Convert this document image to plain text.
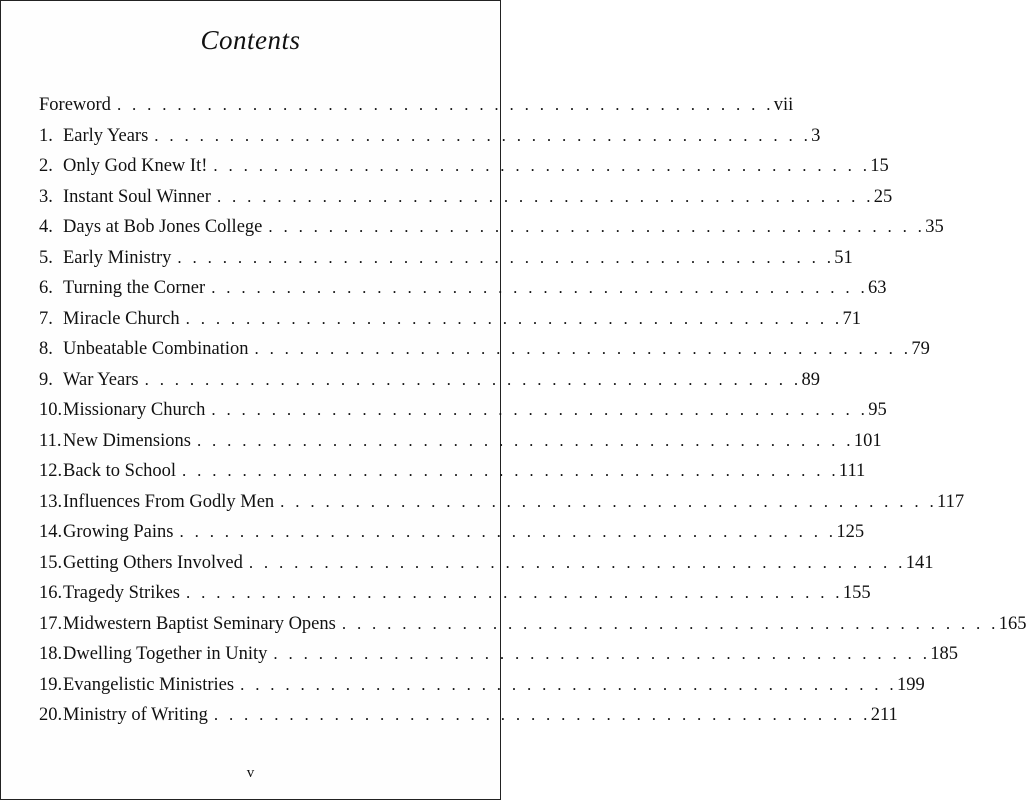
Contents
Foreword . . . . . . . . . . . . . . . . . . . . . . . . . . . . . . . . . . . . . . . . . . . . vii
1. Early Years . . . . . . . . . . . . . . . . . . . . . . . . . . . . . . . . . . . . . . . . . . . . 3
2. Only God Knew It! . . . . . . . . . . . . . . . . . . . . . . . . . . . . . . . . . . . . . . . . . . . . 15
3. Instant Soul Winner . . . . . . . . . . . . . . . . . . . . . . . . . . . . . . . . . . . . . . . . . . . . 25
4. Days at Bob Jones College . . . . . . . . . . . . . . . . . . . . . . . . . . . . . . . . . . . . . . . . . . . . 35
5. Early Ministry . . . . . . . . . . . . . . . . . . . . . . . . . . . . . . . . . . . . . . . . . . . . 51
6. Turning the Corner . . . . . . . . . . . . . . . . . . . . . . . . . . . . . . . . . . . . . . . . . . . . 63
7. Miracle Church . . . . . . . . . . . . . . . . . . . . . . . . . . . . . . . . . . . . . . . . . . . . 71
8. Unbeatable Combination . . . . . . . . . . . . . . . . . . . . . . . . . . . . . . . . . . . . . . . . . . . . 79
9. War Years . . . . . . . . . . . . . . . . . . . . . . . . . . . . . . . . . . . . . . . . . . . . 89
10. Missionary Church . . . . . . . . . . . . . . . . . . . . . . . . . . . . . . . . . . . . . . . . . . . . 95
11. New Dimensions . . . . . . . . . . . . . . . . . . . . . . . . . . . . . . . . . . . . . . . . . . . . 101
12. Back to School . . . . . . . . . . . . . . . . . . . . . . . . . . . . . . . . . . . . . . . . . . . . 111
13. Influences From Godly Men . . . . . . . . . . . . . . . . . . . . . . . . . . . . . . . . . . . . . . . . . . . . 117
14. Growing Pains . . . . . . . . . . . . . . . . . . . . . . . . . . . . . . . . . . . . . . . . . . . . 125
15. Getting Others Involved . . . . . . . . . . . . . . . . . . . . . . . . . . . . . . . . . . . . . . . . . . . . 141
16. Tragedy Strikes . . . . . . . . . . . . . . . . . . . . . . . . . . . . . . . . . . . . . . . . . . . . 155
17. Midwestern Baptist Seminary Opens . . . . . . . . . . . . . . . . . . . . . . . . . . . . . . . . . . . . . . . . . . . . 165
18. Dwelling Together in Unity . . . . . . . . . . . . . . . . . . . . . . . . . . . . . . . . . . . . . . . . . . . . 185
19. Evangelistic Ministries . . . . . . . . . . . . . . . . . . . . . . . . . . . . . . . . . . . . . . . . . . . . 199
20. Ministry of Writing . . . . . . . . . . . . . . . . . . . . . . . . . . . . . . . . . . . . . . . . . . . . 211
v
